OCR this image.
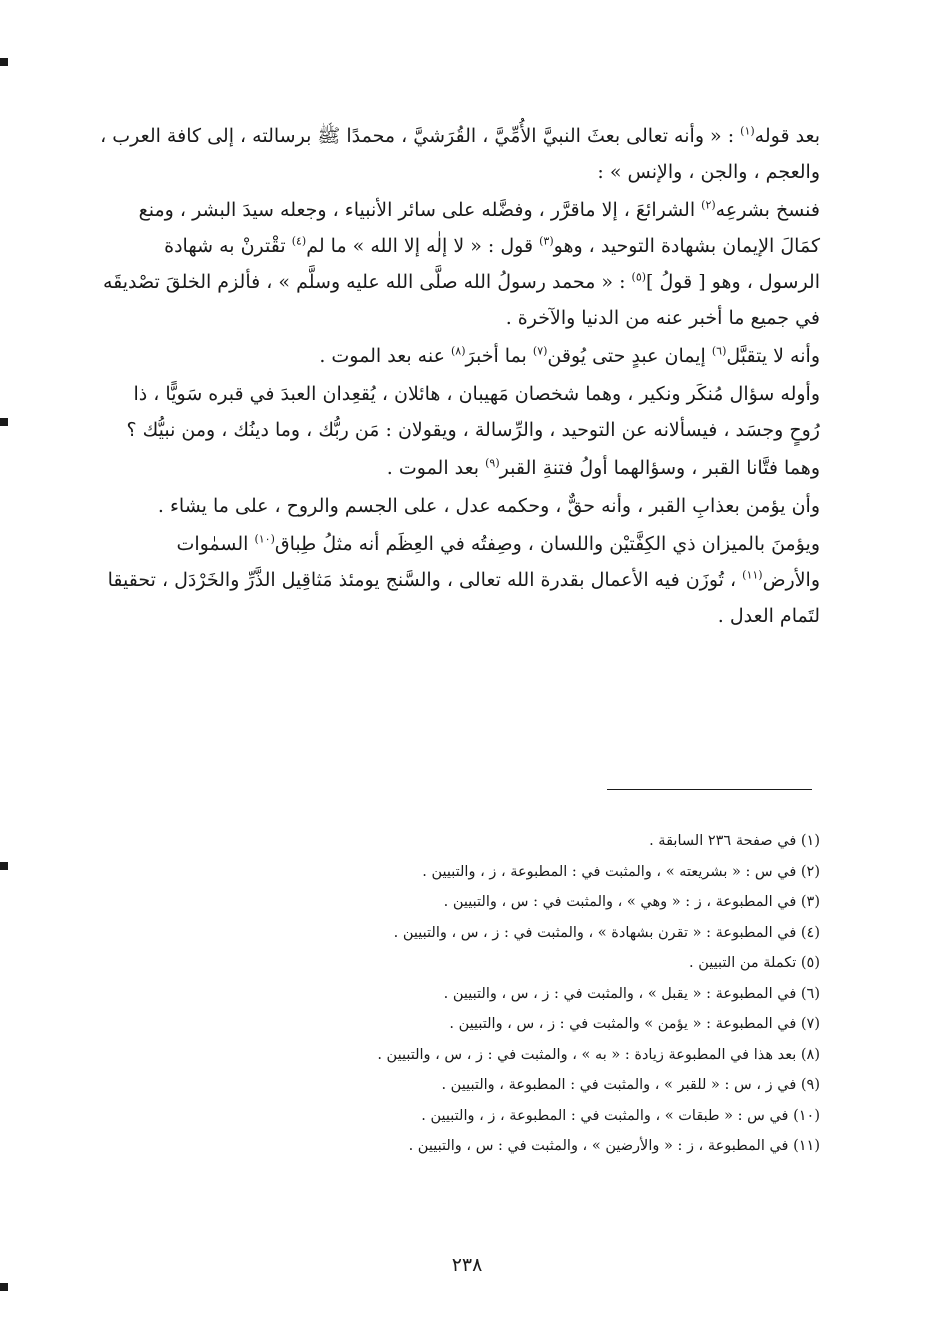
بعد قوله$^{(١)}$ : « وأنه تعالى بعثَ النبيَّ الأُمِّيَّ ، القُرَشيَّ ، محمدًا ﷺ برسالته ، إلى كافة العرب ، والعجم ، والجن ، والإنس » :

فنسخ بشرعِه$^{(٢)}$ الشرائعَ ، إلا ماقرَّر ، وفضَّله على سائر الأنبياء ، وجعله سيدَ البشر ، ومنع كمَالَ الإيمان بشهادة التوحيد ، وهو$^{(٣)}$ قول : « لا إلٰه إلا الله » ما لم$^{(٤)}$ تقْترنْ به شهادة الرسول ، وهو [ قولُ ]$^{(٥)}$ : « محمد رسولُ الله صلَّى الله عليه وسلَّم » ، فألزم الخلقَ تصْديقَه في جميع ما أخبر عنه من الدنيا والآخرة .

وأنه لا يتقبَّل$^{(٦)}$ إيمان عبدٍ حتى يُوقن$^{(٧)}$ بما أخبرَ$^{(٨)}$ عنه بعد الموت .

وأوله سؤال مُنكَر ونكير ، وهما شخصان مَهيبان ، هائلان ، يُقعِدان العبدَ في قبره سَويًّا ، ذا رُوحٍ وجسَد ، فيسألانه عن التوحيد ، والرِّسالة ، ويقولان : مَن ربُّك ، وما دينُك ، ومن نبيُّك ؟

وهما فتَّانا القبر ، وسؤالهما أولُ فتنةِ القبر$^{(٩)}$ بعد الموت .

وأن يؤمن بعذابِ القبر ، وأنه حقٌّ ، وحكمه عدل ، على الجسم والروح ، على ما يشاء .

ويؤمنَ بالميزان ذي الكِفَّتيْن واللسان ، وصِفتُه في العِظَم أنه مثلُ طِباق$^{(١٠)}$ السمٰوات والأرض$^{(١١)}$ ، تُوزَن فيه الأعمال بقدرة الله تعالى ، والسَّنج يومئذ مَثاقِيل الذَّرِّ والخَرْدَل ، تحقيقا لتَمام العدل .

(١) في صفحة ٢٣٦ السابقة .

(٢) في س : « بشريعته » ، والمثبت في : المطبوعة ، ز ، والتبيين .

(٣) في المطبوعة ، ز : « وهي » ، والمثبت في : س ، والتبيين .

(٤) في المطبوعة : « تقرن بشهادة » ، والمثبت في : ز ، س ، والتبيين .

(٥) تكملة من التبيين .

(٦) في المطبوعة : « يقبل » ، والمثبت في : ز ، س ، والتبيين .

(٧) في المطبوعة : « يؤمن » والمثبت في : ز ، س ، والتبيين .

(٨) بعد هذا في المطبوعة زيادة : « به » ، والمثبت في : ز ، س ، والتبيين .

(٩) في ز ، س : « للقبر » ، والمثبت في : المطبوعة ، والتبيين .

(١٠) في س : « طبقات » ، والمثبت في : المطبوعة ، ز ، والتبيين .

(١١) في المطبوعة ، ز : « والأرضين » ، والمثبت في : س ، والتبيين .

٢٣٨
